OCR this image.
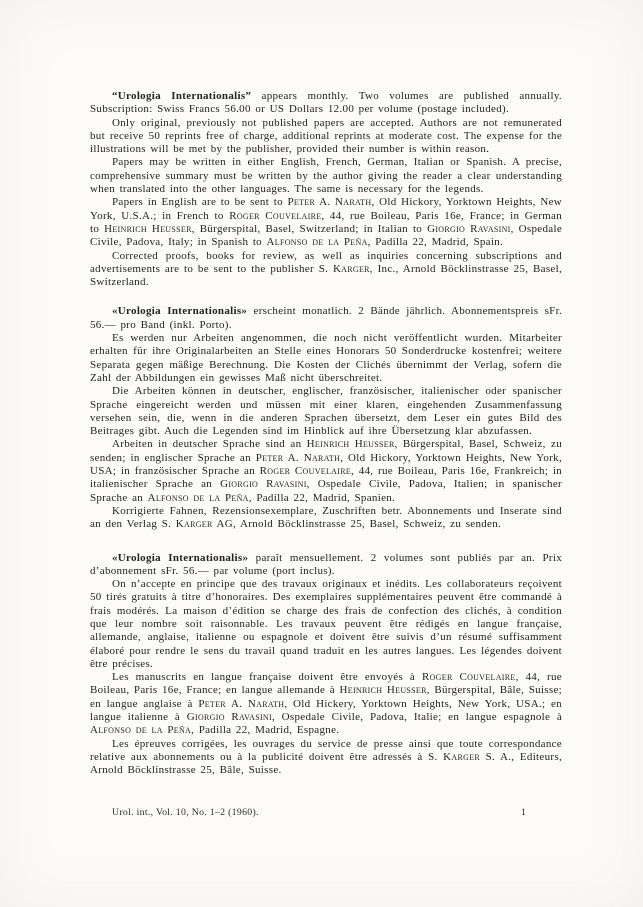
“Urologia Internationalis” appears monthly. Two volumes are published annually. Subscription: Swiss Francs 56.00 or US Dollars 12.00 per volume (postage included).

Only original, previously not published papers are accepted. Authors are not remunerated but receive 50 reprints free of charge, additional reprints at moderate cost. The expense for the illustrations will be met by the publisher, provided their number is within reason.

Papers may be written in either English, French, German, Italian or Spanish. A precise, comprehensive summary must be written by the author giving the reader a clear understanding when translated into the other languages. The same is necessary for the legends.

Papers in English are to be sent to Peter A. Narath, Old Hickory, Yorktown Heights, New York, U.S.A.; in French to Roger Couvelaire, 44, rue Boileau, Paris 16e, France; in German to Heinrich Heusser, Bürgerspital, Basel, Switzerland; in Italian to Giorgio Ravasini, Ospedale Civile, Padova, Italy; in Spanish to Alfonso de la Peña, Padilla 22, Madrid, Spain.

Corrected proofs, books for review, as well as inquiries concerning subscriptions and advertisements are to be sent to the publisher S. Karger, Inc., Arnold Böcklinstrasse 25, Basel, Switzerland.

«Urologia Internationalis» erscheint monatlich. 2 Bände jährlich. Abonnementspreis sFr. 56.— pro Band (inkl. Porto).

Es werden nur Arbeiten angenommen, die noch nicht veröffentlicht wurden. Mitarbeiter erhalten für ihre Originalarbeiten an Stelle eines Honorars 50 Sonderdrucke kostenfrei; weitere Separata gegen mäßige Berechnung. Die Kosten der Clichés übernimmt der Verlag, sofern die Zahl der Abbildungen ein gewisses Maß nicht überschreitet.

Die Arbeiten können in deutscher, englischer, französischer, italienischer oder spanischer Sprache eingereicht werden und müssen mit einer klaren, eingehenden Zusammenfassung versehen sein, die, wenn in die anderen Sprachen übersetzt, dem Leser ein gutes Bild des Beitrages gibt. Auch die Legenden sind im Hinblick auf ihre Übersetzung klar abzufassen.

Arbeiten in deutscher Sprache sind an Heinrich Heusser, Bürgerspital, Basel, Schweiz, zu senden; in englischer Sprache an Peter A. Narath, Old Hickory, Yorktown Heights, New York, USA; in französischer Sprache an Roger Couvelaire, 44, rue Boileau, Paris 16e, Frankreich; in italienischer Sprache an Giorgio Ravasini, Ospedale Civile, Padova, Italien; in spanischer Sprache an Alfonso de la Peña, Padilla 22, Madrid, Spanien.

Korrigierte Fahnen, Rezensionsexemplare, Zuschriften betr. Abonnements und Inserate sind an den Verlag S. Karger AG, Arnold Böcklinstrasse 25, Basel, Schweiz, zu senden.

«Urologia Internationalis» paraît mensuellement. 2 volumes sont publiés par an. Prix d’abonnement sFr. 56.— par volume (port inclus).

On n’accepte en principe que des travaux originaux et inédits. Les collaborateurs reçoivent 50 tirés gratuits à titre d’honoraires. Des exemplaires supplémentaires peuvent être commandé à frais modérés. La maison d’édition se charge des frais de confection des clichés, à condition que leur nombre soit raisonnable. Les travaux peuvent être rédigés en langue française, allemande, anglaise, italienne ou espagnole et doivent être suivis d’un résumé suffisamment élaboré pour rendre le sens du travail quand traduit en les autres langues. Les légendes doivent être précises.

Les manuscrits en langue française doivent être envoyés à Roger Couvelaire, 44, rue Boileau, Paris 16e, France; en langue allemande à Heinrich Heusser, Bürgerspital, Bâle, Suisse; en langue anglaise à Peter A. Narath, Old Hickery, Yorktown Heights, New York, USA.; en langue italienne à Giorgio Ravasini, Ospedale Civile, Padova, Italie; en langue espagnole à Alfonso de la Peña, Padilla 22, Madrid, Espagne.

Les épreuves corrigées, les ouvrages du service de presse ainsi que toute correspondance relative aux abonnements ou à la publicité doivent être adressés à S. Karger S. A., Editeurs, Arnold Böcklinstrasse 25, Bâle, Suisse.

Urol. int., Vol. 10, No. 1–2 (1960).	1
